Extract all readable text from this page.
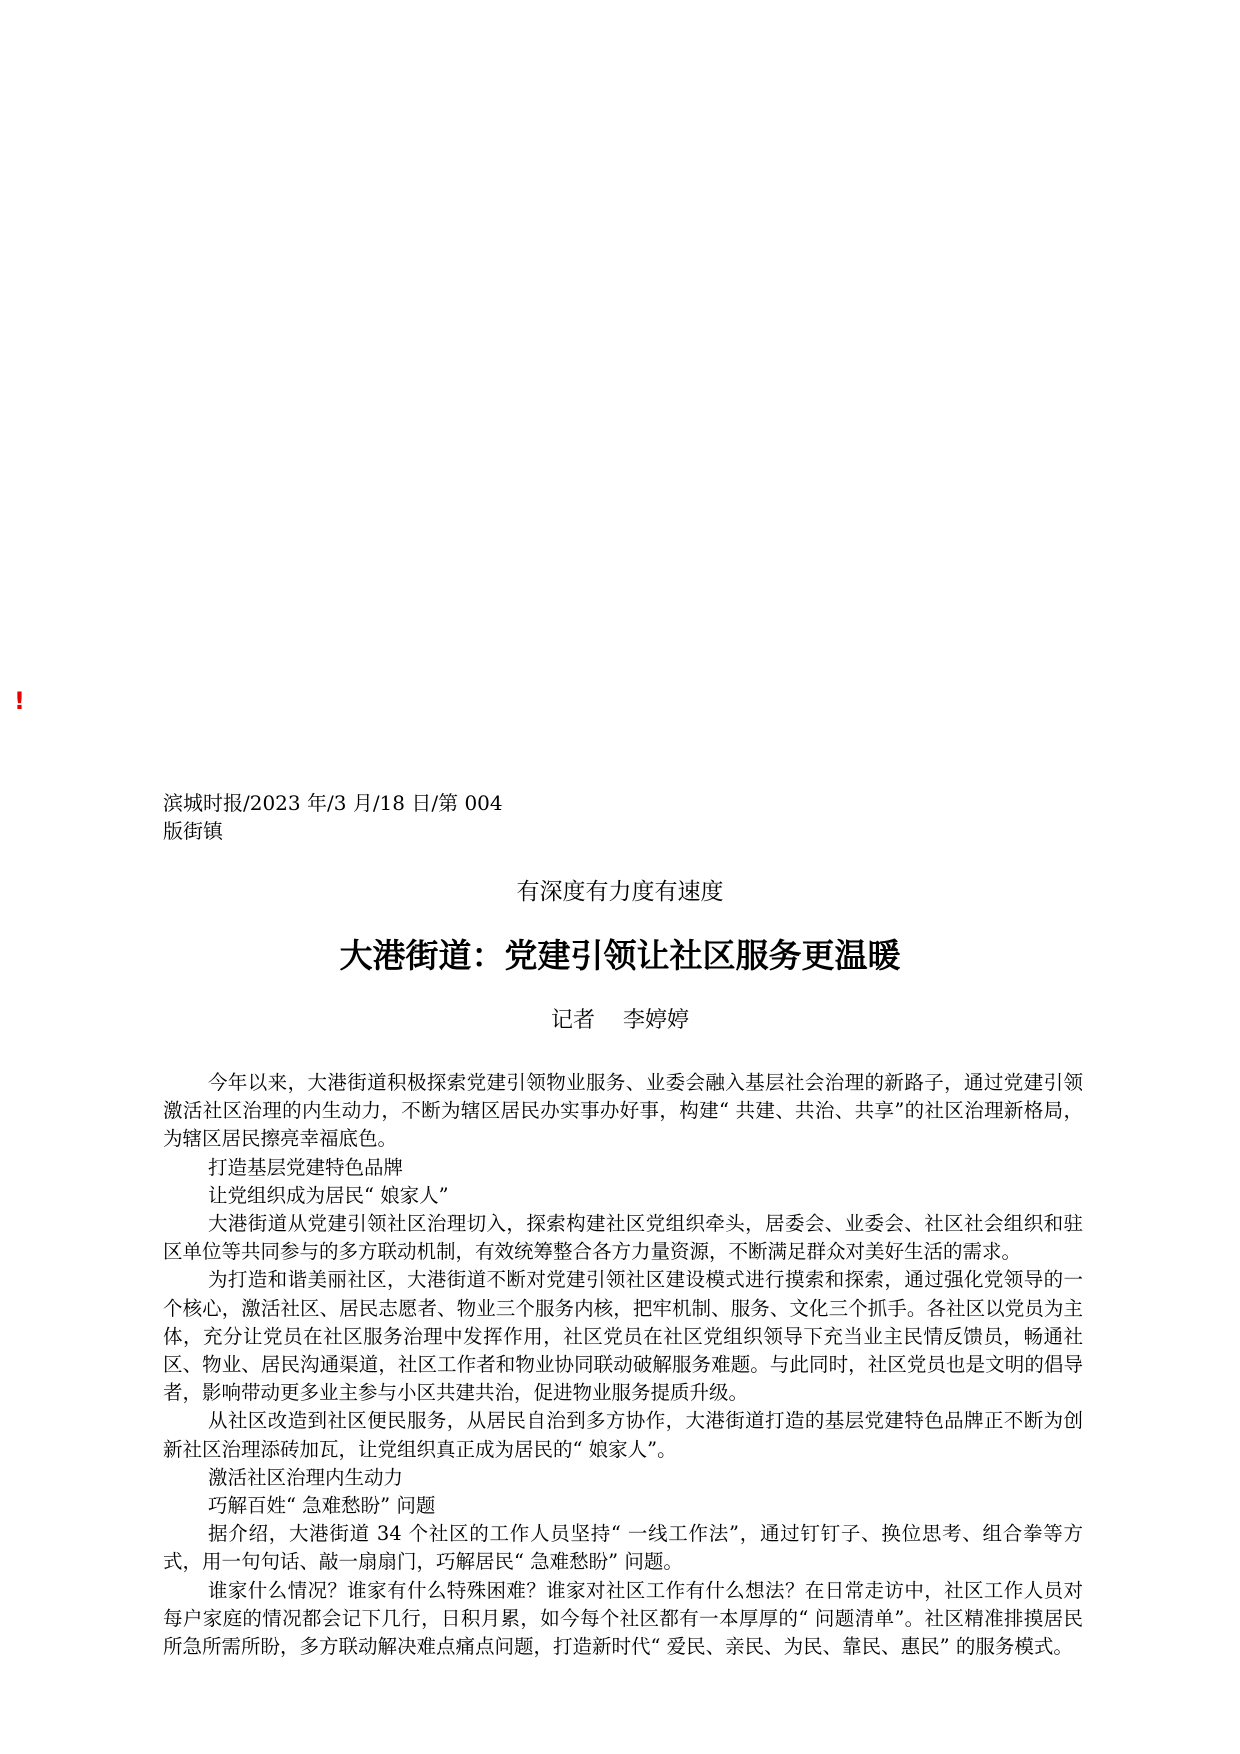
!
滨城时报/2023 年/3 月/18 日/第 004
版街镇
有深度有力度有速度
大港街道：党建引领让社区服务更温暖
记者    李婷婷

今年以来，大港街道积极探索党建引领物业服务、业委会融入基层社会治理的新路子，通过党建引领激活社区治理的内生动力，不断为辖区居民办实事办好事，构建“ 共建、共治、共享”的社区治理新格局，为辖区居民擦亮幸福底色。

打造基层党建特色品牌

让党组织成为居民“ 娘家人”

大港街道从党建引领社区治理切入，探索构建社区党组织牵头，居委会、业委会、社区社会组织和驻区单位等共同参与的多方联动机制，有效统筹整合各方力量资源，不断满足群众对美好生活的需求。

为打造和谐美丽社区，大港街道不断对党建引领社区建设模式进行摸索和探索，通过强化党领导的一个核心，激活社区、居民志愿者、物业三个服务内核，把牢机制、服务、文化三个抓手。各社区以党员为主体，充分让党员在社区服务治理中发挥作用，社区党员在社区党组织领导下充当业主民情反馈员，畅通社区、物业、居民沟通渠道，社区工作者和物业协同联动破解服务难题。与此同时，社区党员也是文明的倡导者，影响带动更多业主参与小区共建共治，促进物业服务提质升级。

从社区改造到社区便民服务，从居民自治到多方协作，大港街道打造的基层党建特色品牌正不断为创新社区治理添砖加瓦，让党组织真正成为居民的“ 娘家人”。

激活社区治理内生动力

巧解百姓“ 急难愁盼” 问题

据介绍，大港街道 34 个社区的工作人员坚持“ 一线工作法”，通过钉钉子、换位思考、组合拳等方式，用一句句话、敲一扇扇门，巧解居民“ 急难愁盼” 问题。

谁家什么情况？谁家有什么特殊困难？谁家对社区工作有什么想法？在日常走访中，社区工作人员对每户家庭的情况都会记下几行，日积月累，如今每个社区都有一本厚厚的“ 问题清单”。社区精准排摸居民所急所需所盼，多方联动解决难点痛点问题，打造新时代“ 爱民、亲民、为民、靠民、惠民” 的服务模式。
